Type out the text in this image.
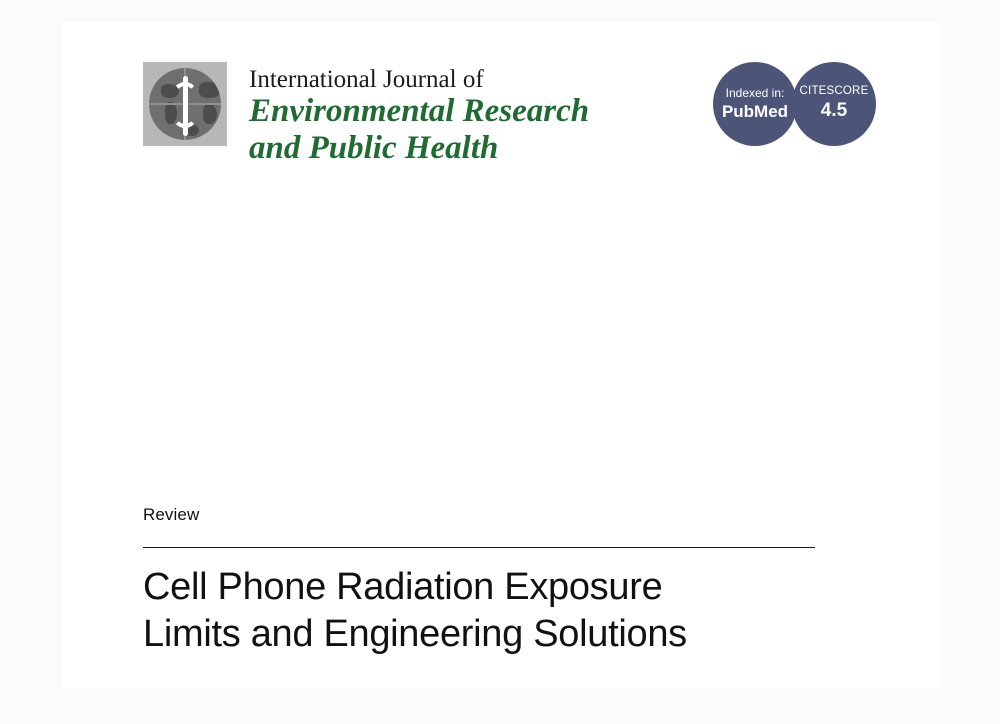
International Journal of
Environmental Research
and Public Health
Indexed in:
PubMed
CITESCORE
4.5
Review
Cell Phone Radiation Exposure
Limits and Engineering Solutions
